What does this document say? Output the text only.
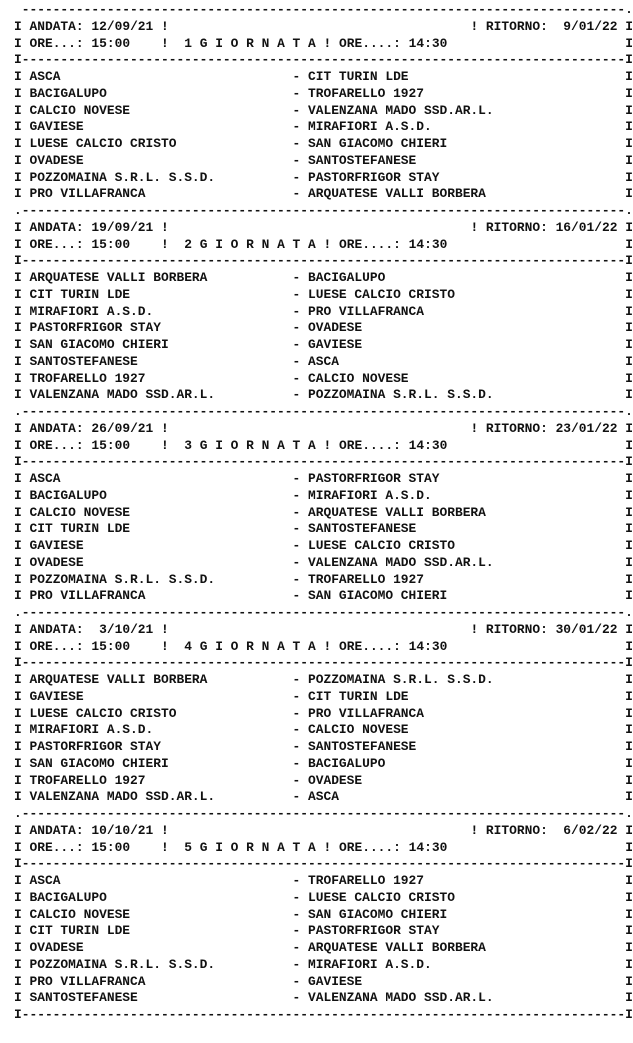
------------------------------------------------------------------------------.
I ANDATA: 12/09/21 !                                       ! RITORNO:  9/01/22 I
I ORE...: 15:00    !  1 G I O R N A T A ! ORE....: 14:30                       I
I------------------------------------------------------------------------------I
I ASCA                              - CIT TURIN LDE                            I
I BACIGALUPO                        - TROFARELLO 1927                          I
I CALCIO NOVESE                     - VALENZANA MADO SSD.AR.L.                 I
I GAVIESE                           - MIRAFIORI A.S.D.                         I
I LUESE CALCIO CRISTO               - SAN GIACOMO CHIERI                       I
I OVADESE                           - SANTOSTEFANESE                           I
I POZZOMAINA S.R.L. S.S.D.          - PASTORFRIGOR STAY                        I
I PRO VILLAFRANCA                   - ARQUATESE VALLI BORBERA                  I
.------------------------------------------------------------------------------.
I ANDATA: 19/09/21 !                                       ! RITORNO: 16/01/22 I
I ORE...: 15:00    !  2 G I O R N A T A ! ORE....: 14:30                       I
I------------------------------------------------------------------------------I
I ARQUATESE VALLI BORBERA           - BACIGALUPO                               I
I CIT TURIN LDE                     - LUESE CALCIO CRISTO                      I
I MIRAFIORI A.S.D.                  - PRO VILLAFRANCA                          I
I PASTORFRIGOR STAY                 - OVADESE                                  I
I SAN GIACOMO CHIERI                - GAVIESE                                  I
I SANTOSTEFANESE                    - ASCA                                     I
I TROFARELLO 1927                   - CALCIO NOVESE                            I
I VALENZANA MADO SSD.AR.L.          - POZZOMAINA S.R.L. S.S.D.                 I
.------------------------------------------------------------------------------.
I ANDATA: 26/09/21 !                                       ! RITORNO: 23/01/22 I
I ORE...: 15:00    !  3 G I O R N A T A ! ORE....: 14:30                       I
I------------------------------------------------------------------------------I
I ASCA                              - PASTORFRIGOR STAY                        I
I BACIGALUPO                        - MIRAFIORI A.S.D.                         I
I CALCIO NOVESE                     - ARQUATESE VALLI BORBERA                  I
I CIT TURIN LDE                     - SANTOSTEFANESE                           I
I GAVIESE                           - LUESE CALCIO CRISTO                      I
I OVADESE                           - VALENZANA MADO SSD.AR.L.                 I
I POZZOMAINA S.R.L. S.S.D.          - TROFARELLO 1927                          I
I PRO VILLAFRANCA                   - SAN GIACOMO CHIERI                       I
.------------------------------------------------------------------------------.
I ANDATA:  3/10/21 !                                       ! RITORNO: 30/01/22 I
I ORE...: 15:00    !  4 G I O R N A T A ! ORE....: 14:30                       I
I------------------------------------------------------------------------------I
I ARQUATESE VALLI BORBERA           - POZZOMAINA S.R.L. S.S.D.                 I
I GAVIESE                           - CIT TURIN LDE                            I
I LUESE CALCIO CRISTO               - PRO VILLAFRANCA                          I
I MIRAFIORI A.S.D.                  - CALCIO NOVESE                            I
I PASTORFRIGOR STAY                 - SANTOSTEFANESE                           I
I SAN GIACOMO CHIERI                - BACIGALUPO                               I
I TROFARELLO 1927                   - OVADESE                                  I
I VALENZANA MADO SSD.AR.L.          - ASCA                                     I
.------------------------------------------------------------------------------.
I ANDATA: 10/10/21 !                                       ! RITORNO:  6/02/22 I
I ORE...: 15:00    !  5 G I O R N A T A ! ORE....: 14:30                       I
I------------------------------------------------------------------------------I
I ASCA                              - TROFARELLO 1927                          I
I BACIGALUPO                        - LUESE CALCIO CRISTO                      I
I CALCIO NOVESE                     - SAN GIACOMO CHIERI                       I
I CIT TURIN LDE                     - PASTORFRIGOR STAY                        I
I OVADESE                           - ARQUATESE VALLI BORBERA                  I
I POZZOMAINA S.R.L. S.S.D.          - MIRAFIORI A.S.D.                         I
I PRO VILLAFRANCA                   - GAVIESE                                  I
I SANTOSTEFANESE                    - VALENZANA MADO SSD.AR.L.                 I
I------------------------------------------------------------------------------I
